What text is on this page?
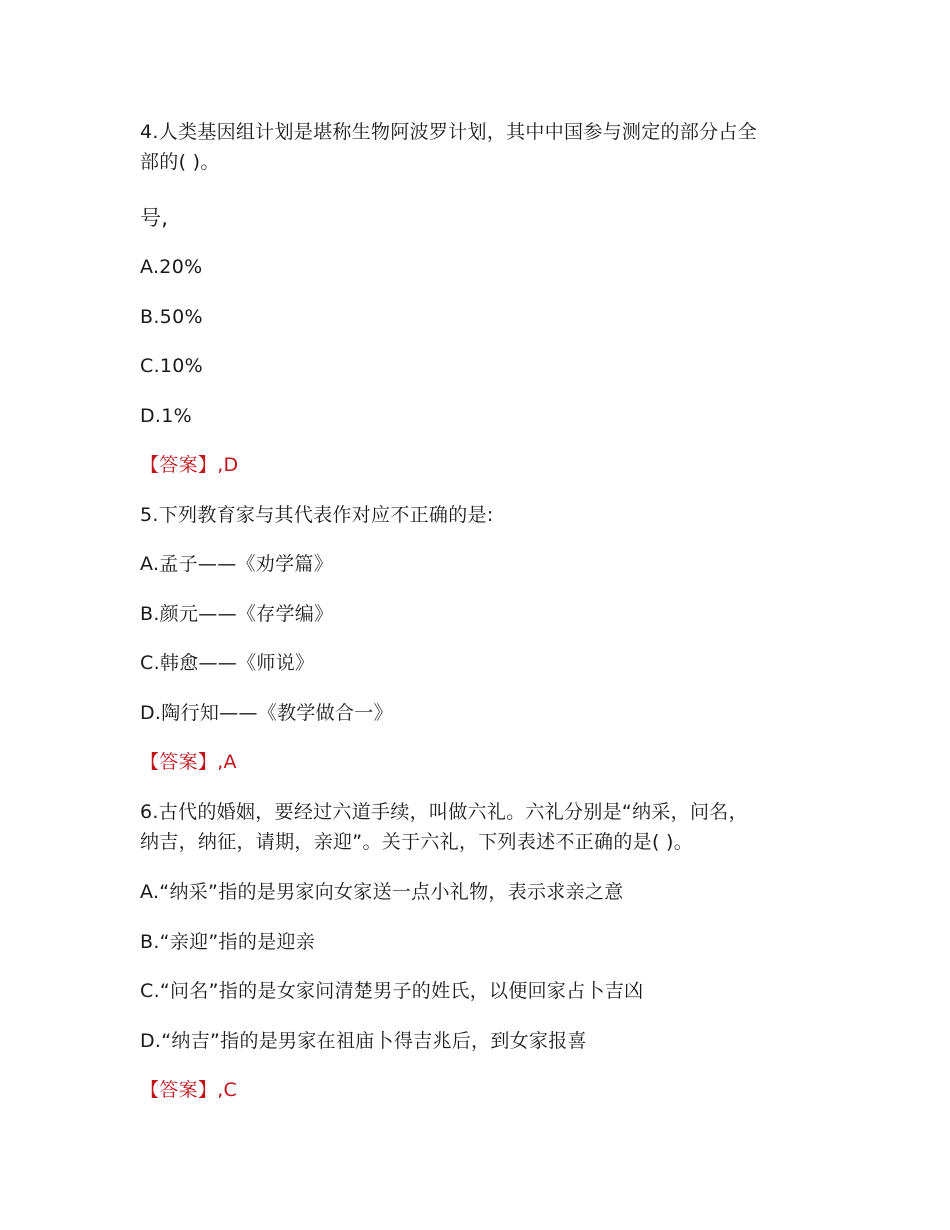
4.人类基因组计划是堪称生物阿波罗计划，其中中国参与测定的部分占全
部的( )。
号,
A.20%
B.50%
C.10%
D.1%
【答案】,D
5.下列教育家与其代表作对应不正确的是:
A.孟子——《劝学篇》
B.颜元——《存学编》
C.韩愈——《师说》
D.陶行知——《教学做合一》
【答案】,A
6.古代的婚姻，要经过六道手续，叫做六礼。六礼分别是“纳采，问名，
纳吉，纳征，请期，亲迎”。关于六礼，下列表述不正确的是( )。
A.“纳采”指的是男家向女家送一点小礼物，表示求亲之意
B.“亲迎”指的是迎亲
C.“问名”指的是女家问清楚男子的姓氏，以便回家占卜吉凶
D.“纳吉”指的是男家在祖庙卜得吉兆后，到女家报喜
【答案】,C
